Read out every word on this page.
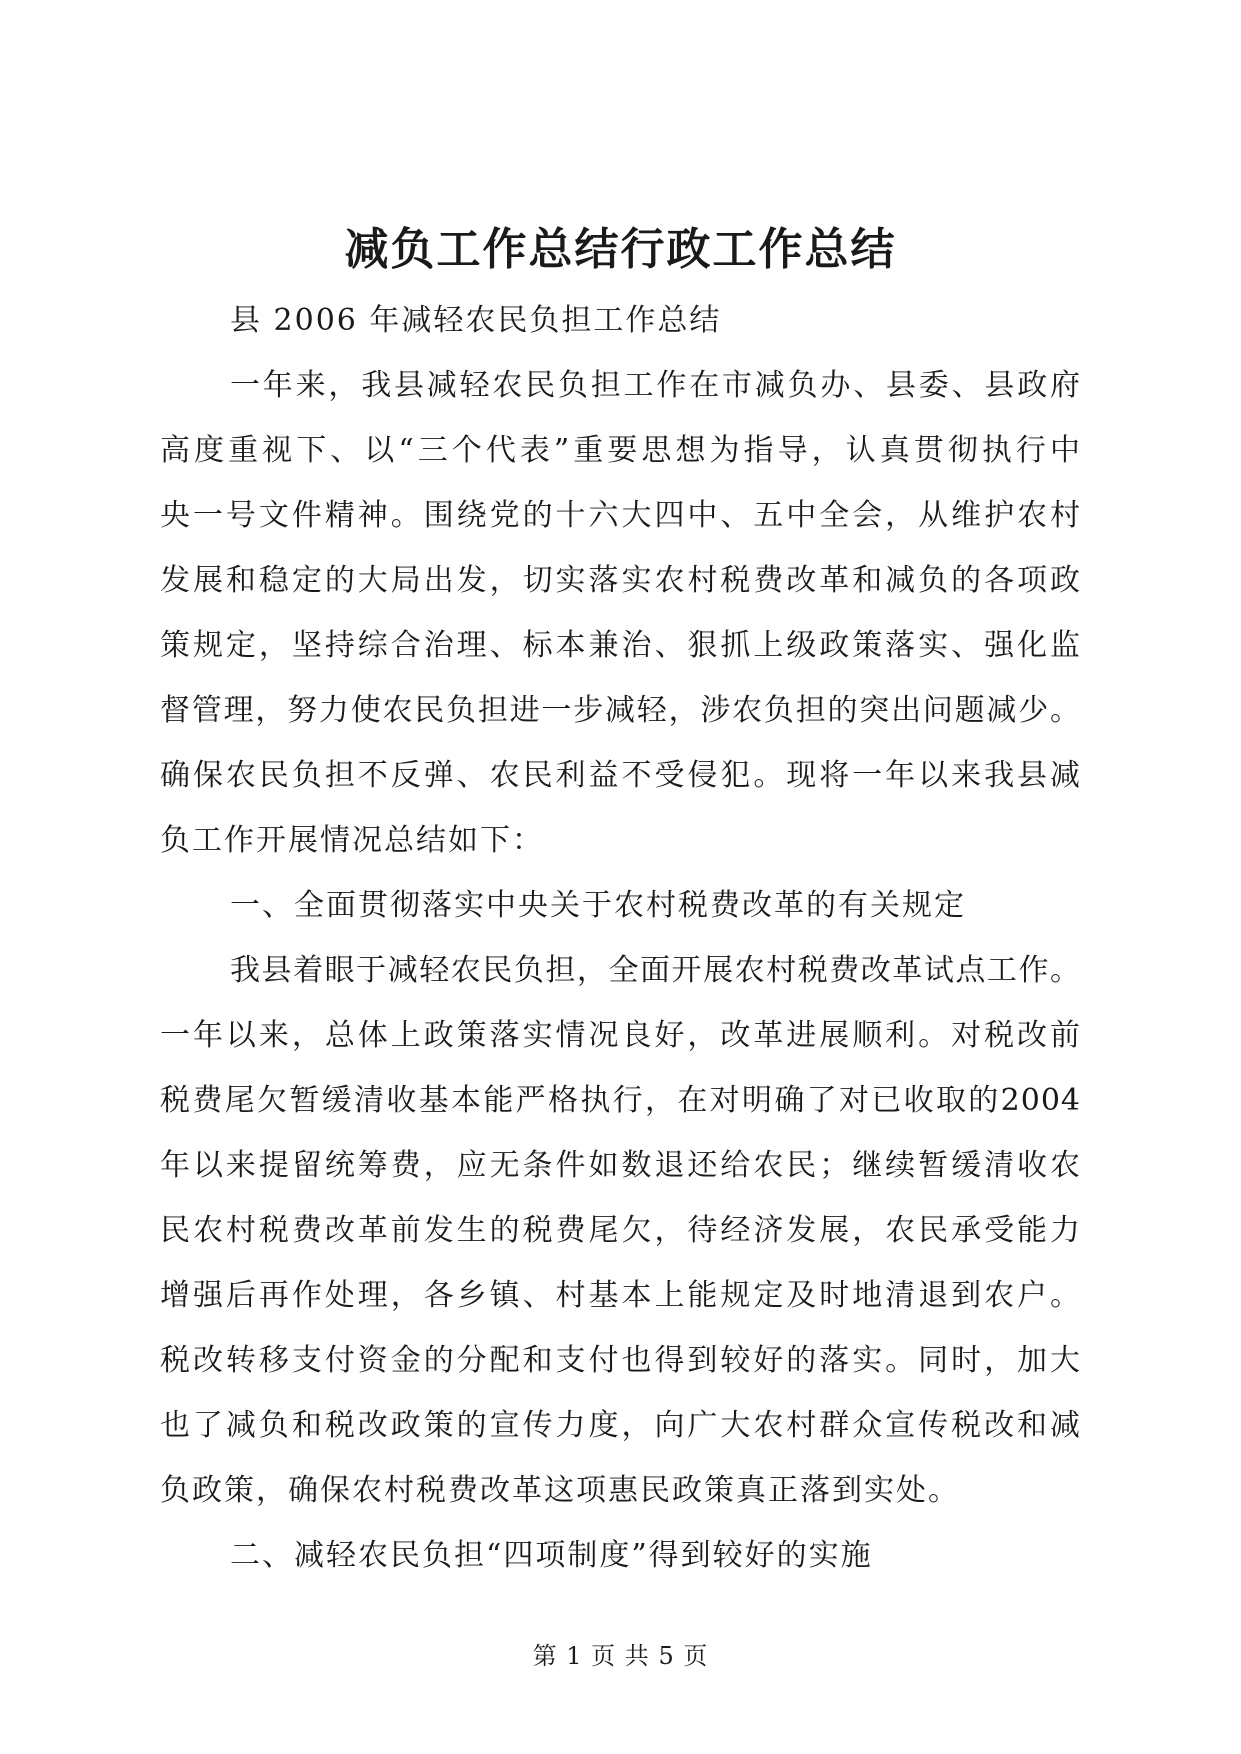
减负工作总结行政工作总结
县 2006 年减轻农民负担工作总结
一年来，我县减轻农民负担工作在市减负办、县委、县政府
高度重视下、以“三个代表”重要思想为指导，认真贯彻执行中
央一号文件精神。围绕党的十六大四中、五中全会，从维护农村
发展和稳定的大局出发，切实落实农村税费改革和减负的各项政
策规定，坚持综合治理、标本兼治、狠抓上级政策落实、强化监
督管理，努力使农民负担进一步减轻，涉农负担的突出问题减少。
确保农民负担不反弹、农民利益不受侵犯。现将一年以来我县减
负工作开展情况总结如下：
一、全面贯彻落实中央关于农村税费改革的有关规定
我县着眼于减轻农民负担，全面开展农村税费改革试点工作。
一年以来，总体上政策落实情况良好，改革进展顺利。对税改前
税费尾欠暂缓清收基本能严格执行，在对明确了对已收取的2004
年以来提留统筹费，应无条件如数退还给农民；继续暂缓清收农
民农村税费改革前发生的税费尾欠，待经济发展，农民承受能力
增强后再作处理，各乡镇、村基本上能规定及时地清退到农户。
税改转移支付资金的分配和支付也得到较好的落实。同时，加大
也了减负和税改政策的宣传力度，向广大农村群众宣传税改和减
负政策，确保农村税费改革这项惠民政策真正落到实处。
二、减轻农民负担“四项制度”得到较好的实施
第 1 页 共 5 页
